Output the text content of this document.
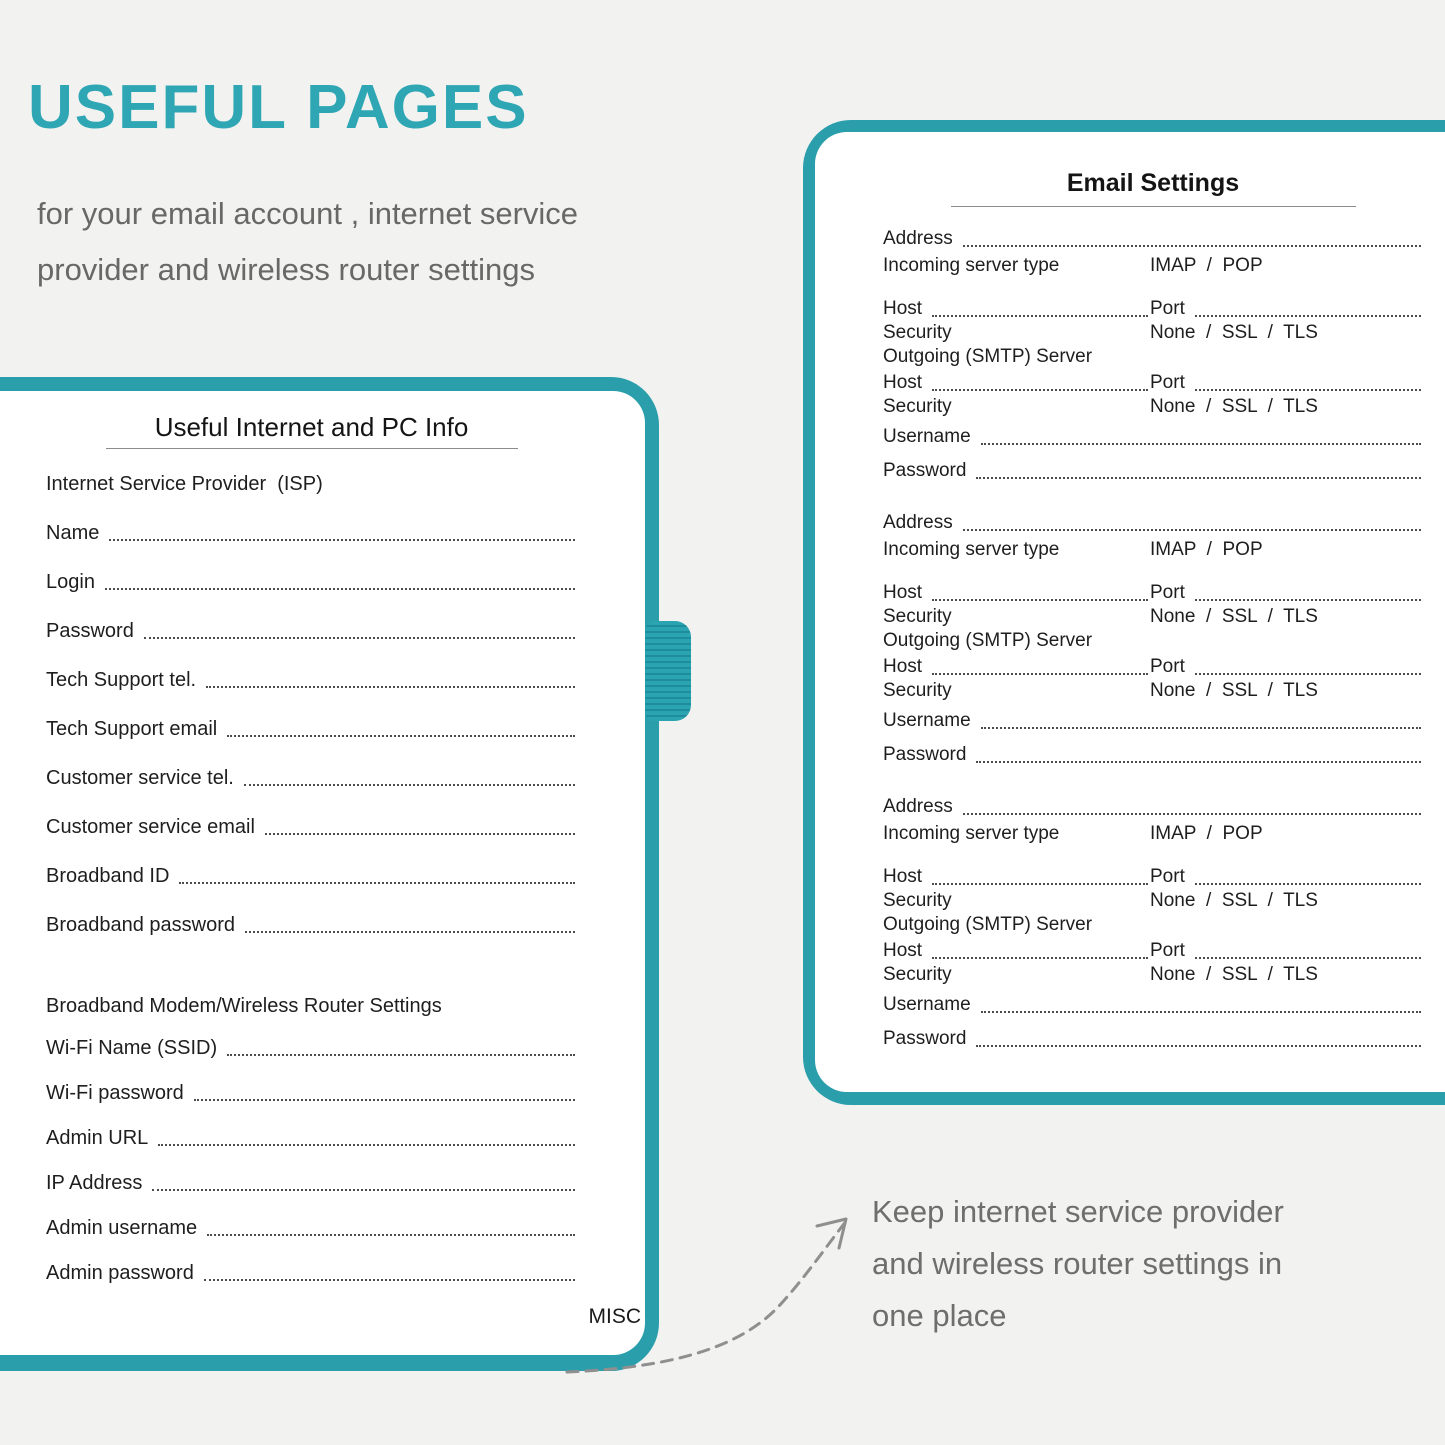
USEFUL PAGES

for your email account , internet service
provider and wireless router settings

Useful Internet and PC Info
Internet Service Provider  (ISP)
Name
Login
Password
Tech Support tel.
Tech Support email
Customer service tel.
Customer service email
Broadband ID
Broadband password
Broadband Modem/Wireless Router Settings
Wi-Fi Name (SSID)
Wi-Fi password
Admin URL
IP Address
Admin username
Admin password
MISC
Email Settings
Address
Incoming server type	IMAP  /  POP
Host	Port
Security	None  /  SSL  /  TLS
Outgoing (SMTP) Server
Host	Port
Security	None  /  SSL  /  TLS
Username
Password
Address
Incoming server type	IMAP  /  POP
Host	Port
Security	None  /  SSL  /  TLS
Outgoing (SMTP) Server
Host	Port
Security	None  /  SSL  /  TLS
Username
Password
Address
Incoming server type	IMAP  /  POP
Host	Port
Security	None  /  SSL  /  TLS
Outgoing (SMTP) Server
Host	Port
Security	None  /  SSL  /  TLS
Username
Password
Keep internet service provider
and wireless router settings in
one place
